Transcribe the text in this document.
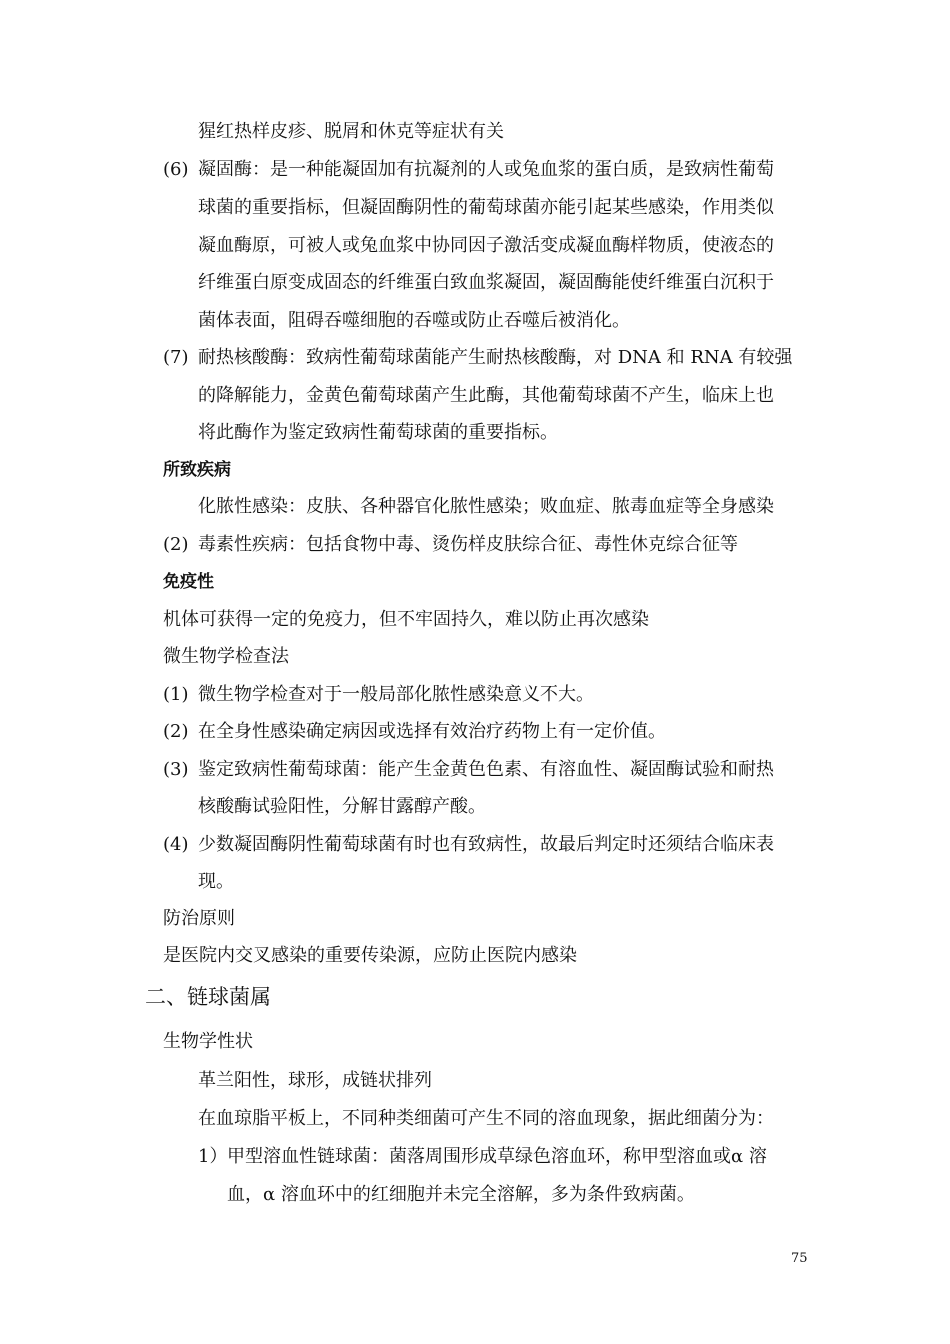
猩红热样皮疹、脱屑和休克等症状有关
(6) 凝固酶：是一种能凝固加有抗凝剂的人或兔血浆的蛋白质，是致病性葡萄
球菌的重要指标，但凝固酶阴性的葡萄球菌亦能引起某些感染，作用类似
凝血酶原，可被人或兔血浆中协同因子激活变成凝血酶样物质，使液态的
纤维蛋白原变成固态的纤维蛋白致血浆凝固，凝固酶能使纤维蛋白沉积于
菌体表面，阻碍吞噬细胞的吞噬或防止吞噬后被消化。
(7) 耐热核酸酶：致病性葡萄球菌能产生耐热核酸酶，对 DNA 和 RNA 有较强
的降解能力，金黄色葡萄球菌产生此酶，其他葡萄球菌不产生，临床上也
将此酶作为鉴定致病性葡萄球菌的重要指标。
所致疾病
化脓性感染：皮肤、各种器官化脓性感染；败血症、脓毒血症等全身感染
(2) 毒素性疾病：包括食物中毒、烫伤样皮肤综合征、毒性休克综合征等
免疫性
机体可获得一定的免疫力，但不牢固持久，难以防止再次感染
微生物学检查法
(1) 微生物学检查对于一般局部化脓性感染意义不大。
(2) 在全身性感染确定病因或选择有效治疗药物上有一定价值。
(3) 鉴定致病性葡萄球菌：能产生金黄色色素、有溶血性、凝固酶试验和耐热
核酸酶试验阳性，分解甘露醇产酸。
(4) 少数凝固酶阴性葡萄球菌有时也有致病性，故最后判定时还须结合临床表
现。
防治原则
是医院内交叉感染的重要传染源，应防止医院内感染
二、链球菌属
生物学性状
革兰阳性，球形，成链状排列
在血琼脂平板上，不同种类细菌可产生不同的溶血现象，据此细菌分为：
1） 甲型溶血性链球菌：菌落周围形成草绿色溶血环，称甲型溶血或α 溶
血，α 溶血环中的红细胞并未完全溶解，多为条件致病菌。
75
